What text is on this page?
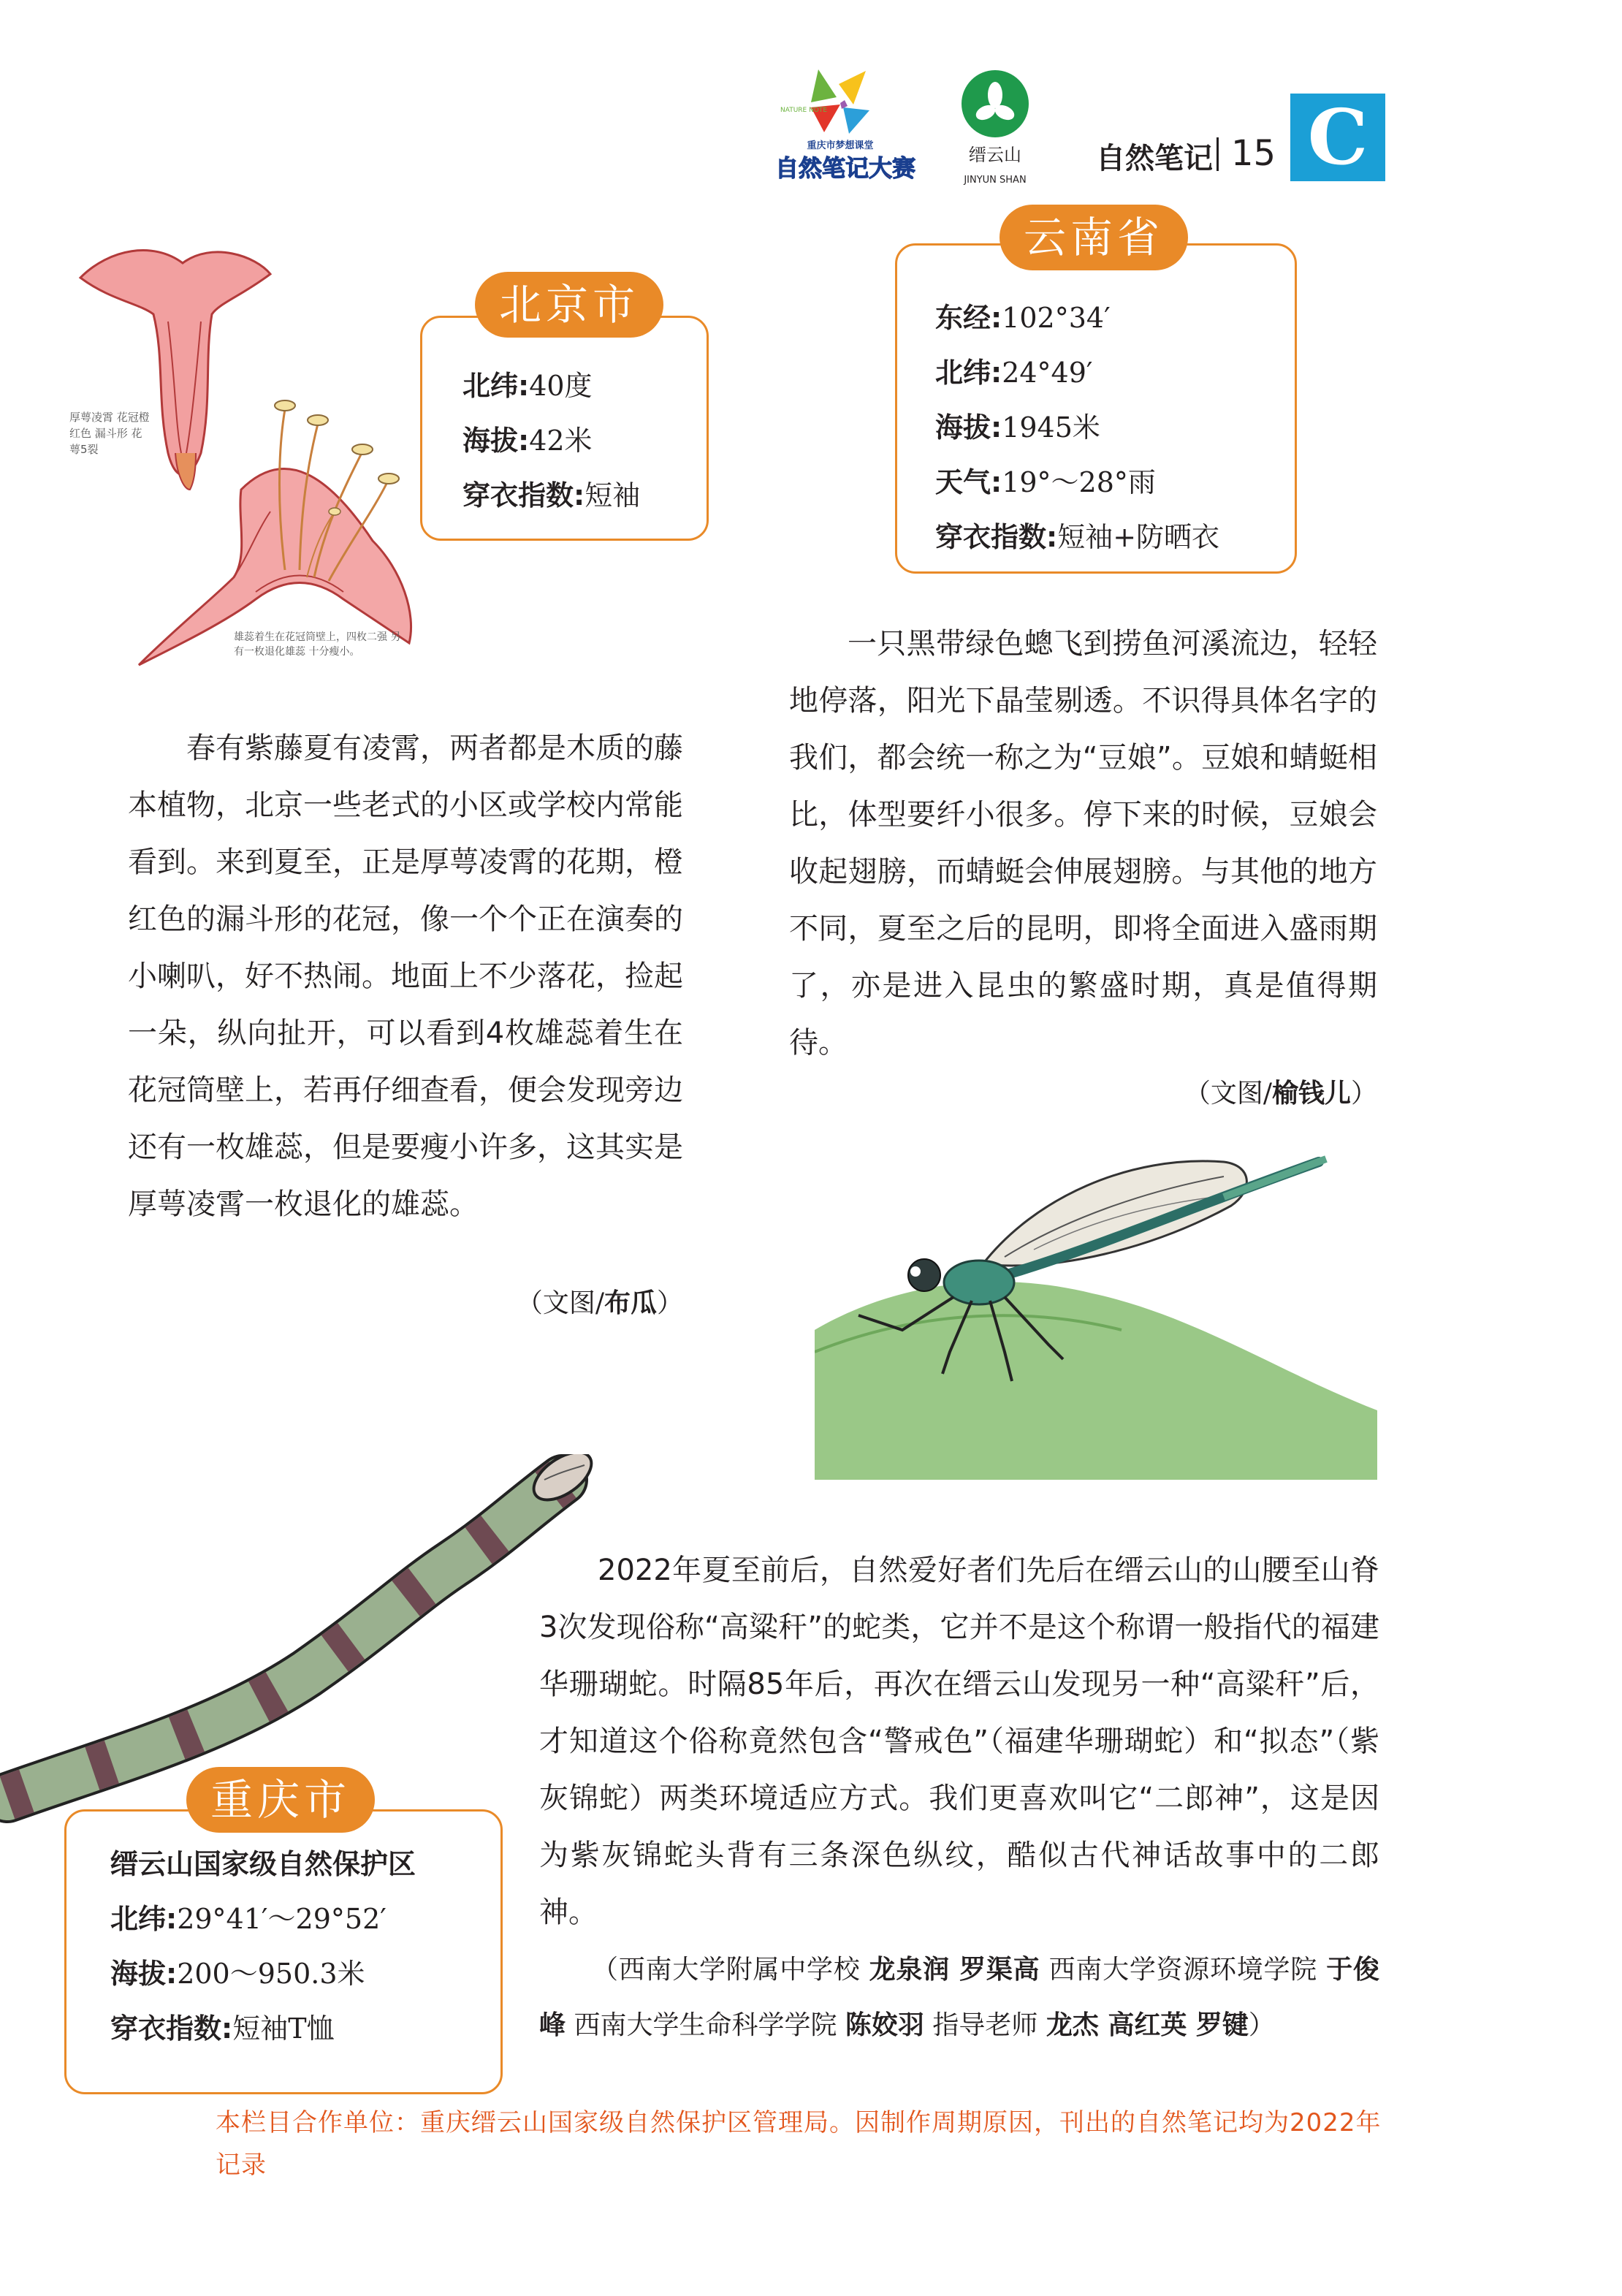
NATURE NOTE
重庆市梦想课堂
自然笔记大赛	缙云山
JINYUN SHAN
自然笔记 15 C
厚萼凌霄 花冠橙红色 漏斗形 花萼5裂
雄蕊着生在花冠筒壁上，四枚二强 另有一枚退化雄蕊 十分瘦小。
北纬:40度
海拔:42米
穿衣指数:短袖
北京市
春有紫藤夏有凌霄，两者都是木质的藤本植物，北京一些老式的小区或学校内常能看到。来到夏至，正是厚萼凌霄的花期，橙红色的漏斗形的花冠，像一个个正在演奏的小喇叭，好不热闹。地面上不少落花，捡起一朵，纵向扯开，可以看到4枚雄蕊着生在花冠筒壁上，若再仔细查看，便会发现旁边还有一枚雄蕊，但是要瘦小许多，这其实是厚萼凌霄一枚退化的雄蕊。
（文图/布瓜）
东经:102°34′
北纬:24°49′
海拔:1945米
天气:19°～28°雨
穿衣指数:短袖+防晒衣
云南省
一只黑带绿色蟌飞到捞鱼河溪流边，轻轻地停落，阳光下晶莹剔透。不识得具体名字的我们，都会统一称之为“豆娘”。豆娘和蜻蜓相比，体型要纤小很多。停下来的时候，豆娘会收起翅膀，而蜻蜓会伸展翅膀。与其他的地方不同，夏至之后的昆明，即将全面进入盛雨期了，亦是进入昆虫的繁盛时期，真是值得期待。
（文图/榆钱儿）
缙云山国家级自然保护区
北纬:29°41′～29°52′
海拔:200～950.3米
穿衣指数:短袖T恤
重庆市
2022年夏至前后，自然爱好者们先后在缙云山的山腰至山脊3次发现俗称“高粱秆”的蛇类，它并不是这个称谓一般指代的福建华珊瑚蛇。时隔85年后，再次在缙云山发现另一种“高粱秆”后，才知道这个俗称竟然包含“警戒色”（福建华珊瑚蛇）和“拟态”（紫灰锦蛇）两类环境适应方式。我们更喜欢叫它“二郎神”，这是因为紫灰锦蛇头背有三条深色纵纹，酷似古代神话故事中的二郎神。
（西南大学附属中学校 龙泉润 罗渠高 西南大学资源环境学院 于俊峰 西南大学生命科学学院 陈姣羽 指导老师 龙杰 高红英 罗键）
本栏目合作单位：重庆缙云山国家级自然保护区管理局。因制作周期原因，刊出的自然笔记均为2022年记录
